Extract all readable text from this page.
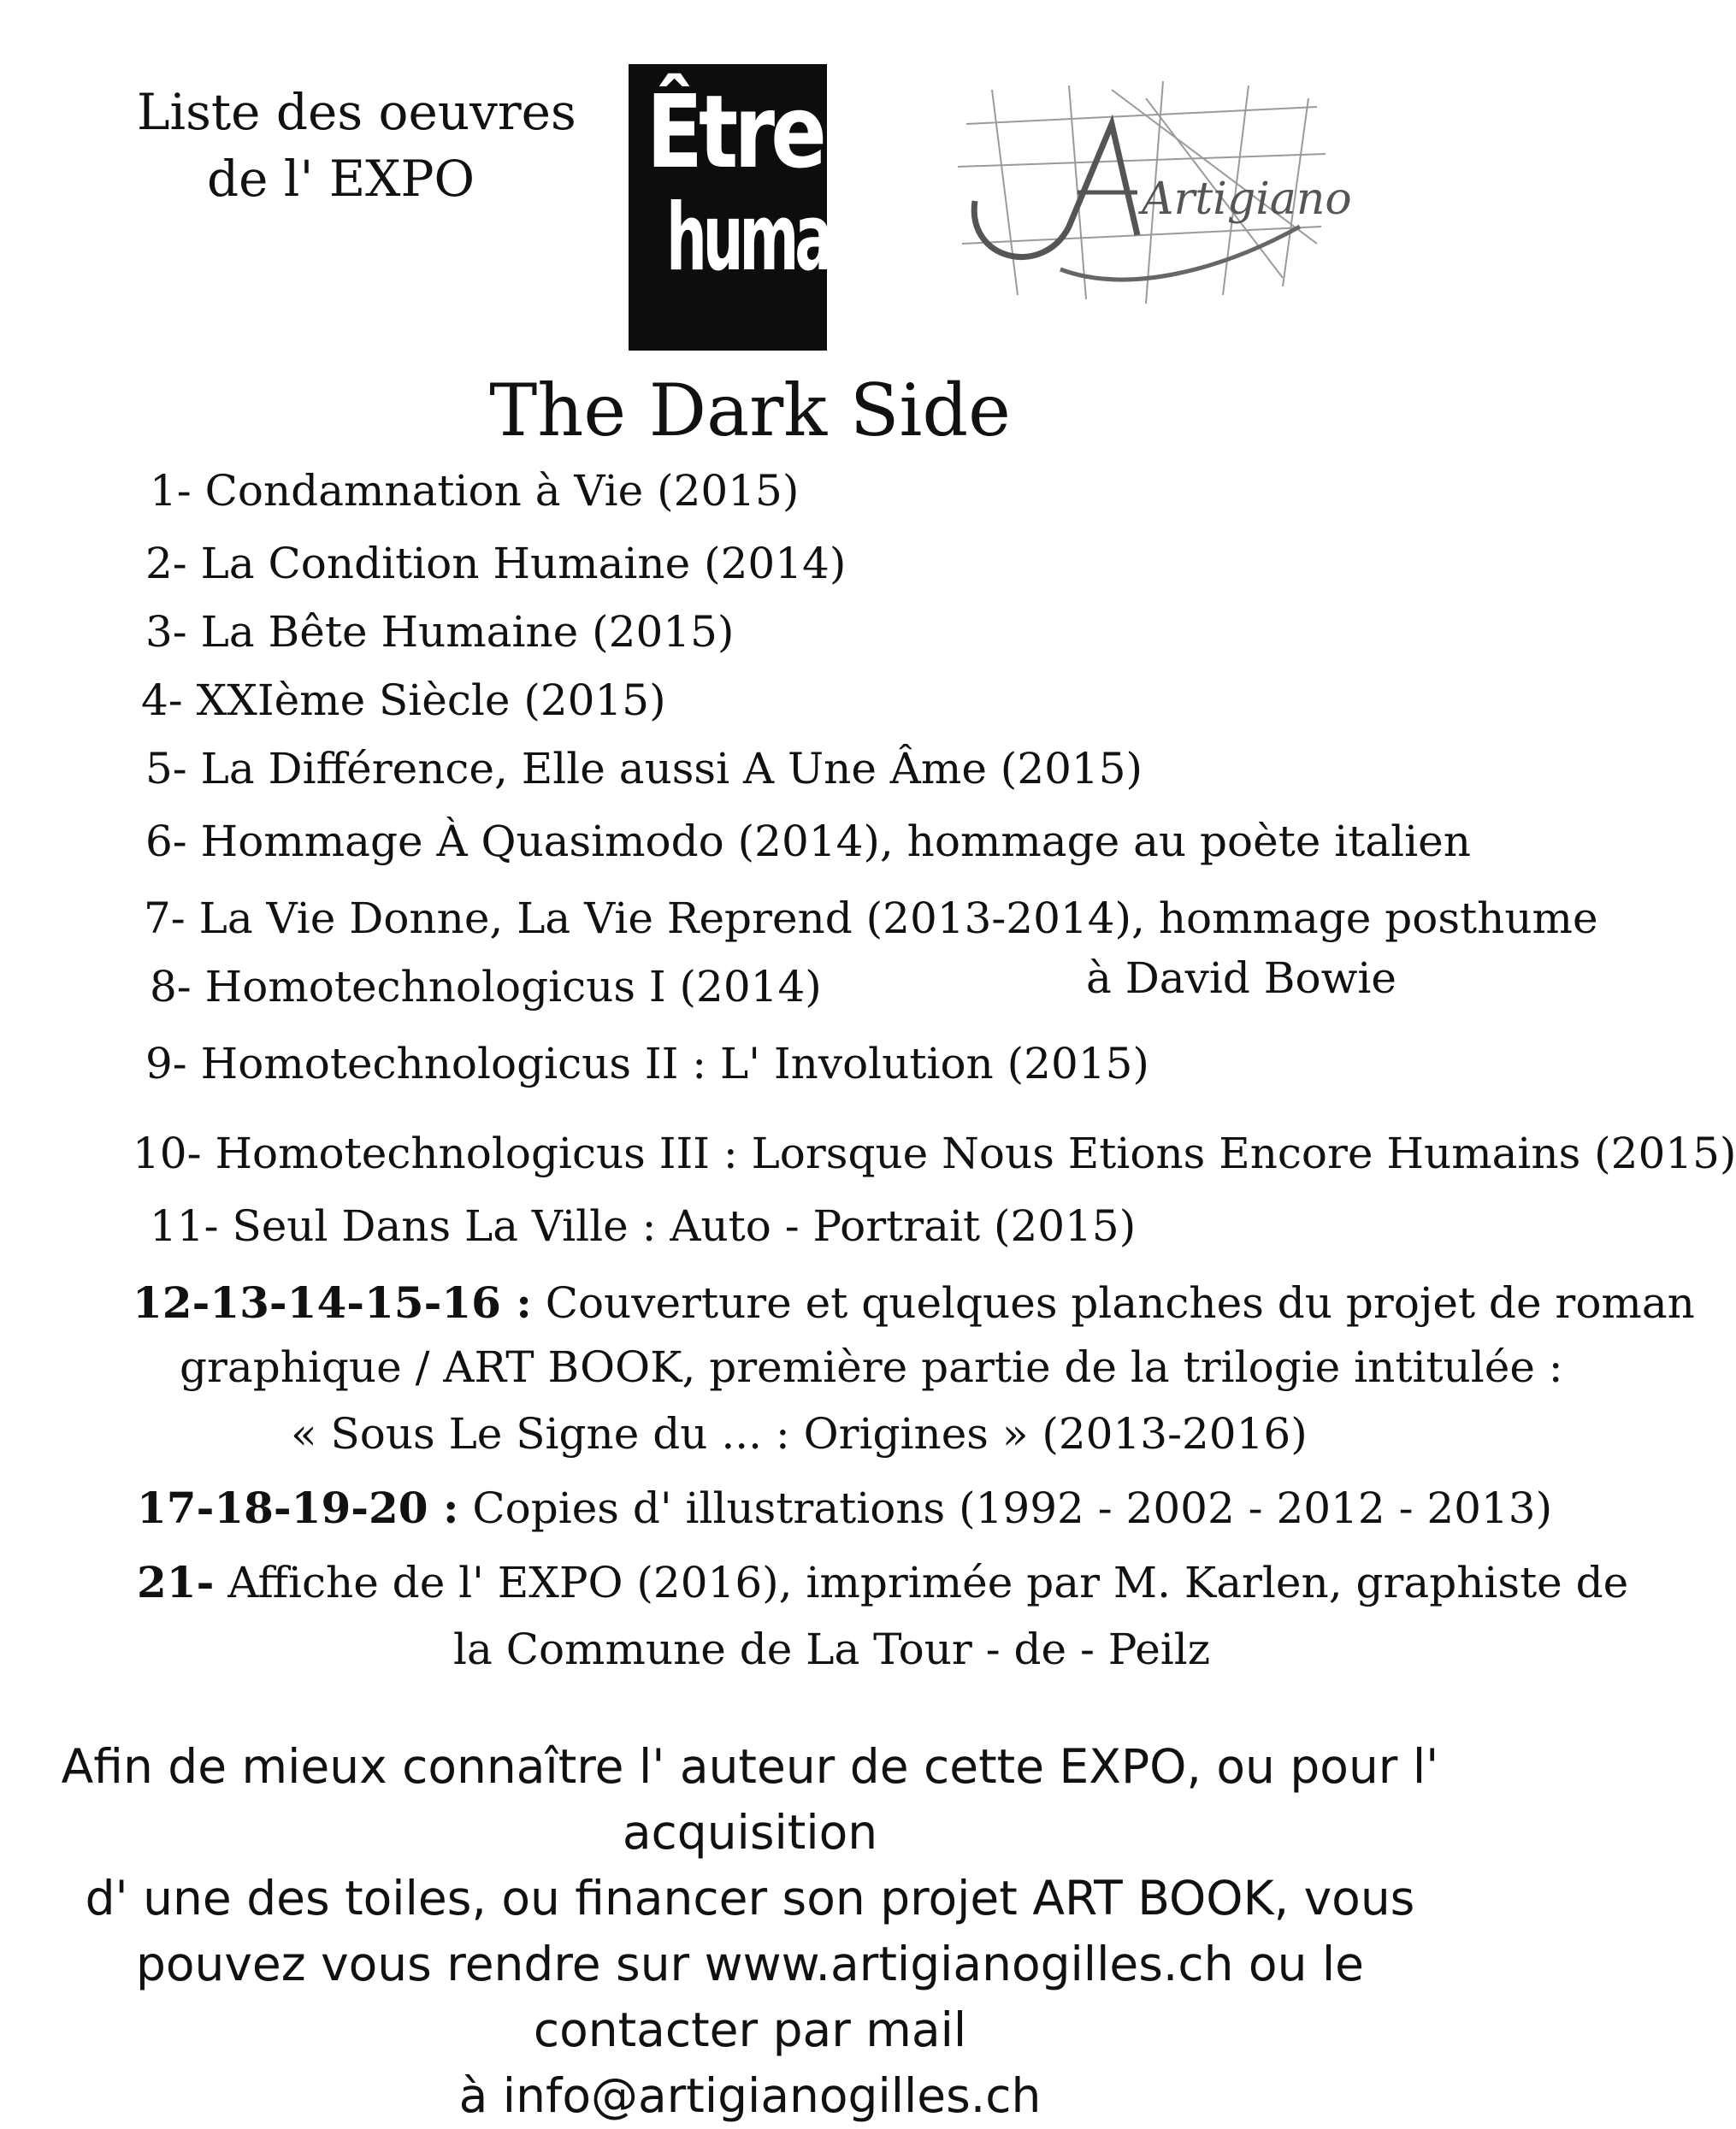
Liste des oeuvres
de l' EXPO	Être
humain	Artigiano
The Dark Side
1- Condamnation à Vie (2015)
2- La Condition Humaine (2014)
3- La Bête Humaine (2015)
4- XXIème Siècle (2015)
5- La Différence, Elle aussi A Une Âme (2015)
6- Hommage À Quasimodo (2014), hommage au poète italien
7- La Vie Donne, La Vie Reprend (2013-2014), hommage posthume
à David Bowie
8- Homotechnologicus I (2014)
9- Homotechnologicus II : L' Involution (2015)
10- Homotechnologicus III : Lorsque Nous Etions Encore Humains (2015)
11- Seul Dans La Ville : Auto - Portrait (2015)
12-13-14-15-16 : Couverture et quelques planches du projet de roman
graphique / ART BOOK, première partie de la trilogie intitulée :
« Sous Le Signe du ... : Origines » (2013-2016)
17-18-19-20 : Copies d' illustrations (1992 - 2002 - 2012 - 2013)
21- Affiche de l' EXPO (2016), imprimée par M. Karlen, graphiste de
la Commune de La Tour - de - Peilz
Afin de mieux connaître l' auteur de cette EXPO, ou pour l' acquisition
d' une des toiles, ou financer son projet ART BOOK, vous
pouvez vous rendre sur www.artigianogilles.ch ou le contacter par mail
à info@artigianogilles.ch
